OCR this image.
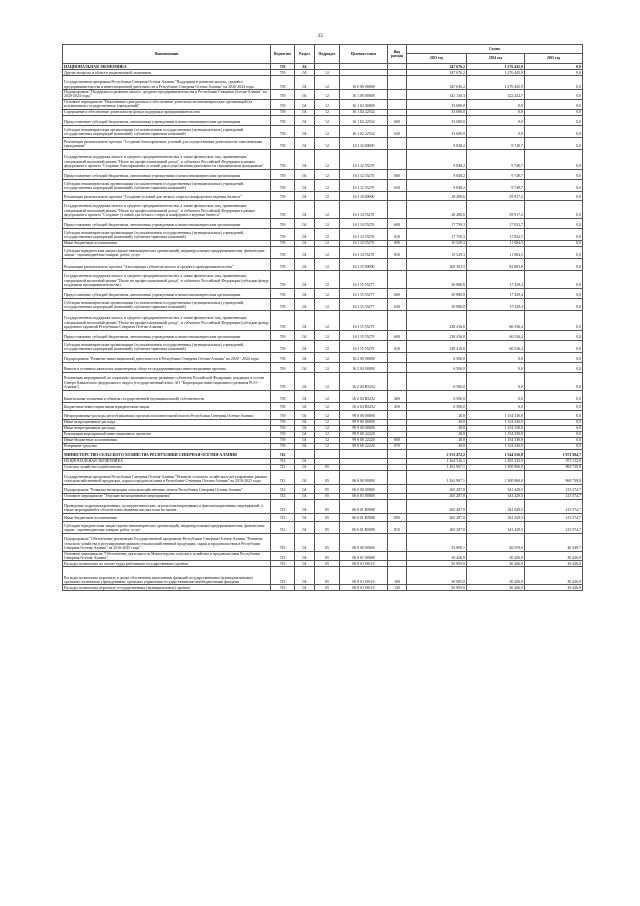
33
Наименование	Ведомство	Раздел	Подраздел	Целевая статья	Вид расхода	Сумма		
						2023 год	2024 год	2025 год
НАЦИОНАЛЬНАЯ ЭКОНОМИКА	739	04				347 676,2	1 276 445,9	0,0
Другие вопросы в области национальной экономики	739	04	12			347 676,2	1 276 445,9	0,0
Государственная программа Республики Северная Осетия-Алания "Поддержка и развитие малого, среднего предпринимательства и инвестиционной деятельности в Республике Северная Осетия-Алания" на 2020-2024 годы	739	04	12	16 0 00 00000		347 636,2	1 276 445,9	0,0
Подпрограмма "Поддержка и развитие малого, среднего предпринимательства в Республике Северная Осетия-Алания" на 2020-2024 годы"	739	04	12	16 1 00 00000		341 130,3	122 432,7	0,0
Основное мероприятие "Выполнение гражданских и обеспечение деятельности некоммерческих организаций (за исключением государственных учреждений)"	739	04	12	16 1 02 00000		33 690,0	0,0	0,0
Содержание и обеспечение деятельности фонда поддержки предпринимательства	739	04	12	16 1 02 22532		33 690,0	0,0	0,0
Предоставление субсидий бюджетным, автономным учреждениям и иным некоммерческим организациям	739	04	12	16 1 02 22532	600	33 690,0	0,0	0,0
Субсидии некоммерческим организациям (за исключением государственных (муниципальных) учреждений, государственных корпораций (компаний), публично-правовых компаний)	739	04	12	16 1 02 22532	630	33 690,0	0,0	0,0
Реализация регионального проекта "Создание благоприятных условий для осуществления деятельности самозанятыми гражданами"	739	04	12	16 1 I2 00000		9 848,2	9 749,7	0,0
Государственная поддержка малого и среднего предпринимательства, а также физических лиц, применяющих специальный налоговый режим "Налог на профессиональный доход", в субъектах Российской Федерации в рамках федерального проекта "Создание благоприятных условий для осуществления деятельности самозанятыми гражданами"	739	04	12	16 1 I2 55270		9 848,2	9 749,7	0,0
Предоставление субсидий бюджетным, автономным учреждениям и иным некоммерческим организациям	739	04	12	16 1 I2 55270	600	9 848,2	9 749,7	0,0
Субсидии некоммерческим организациям (за исключением государственных (муниципальных) учреждений, государственных корпораций (компаний), публично-правовых компаний)	739	04	12	16 1 I2 55270	630	9 848,2	9 749,7	0,0
Реализация регионального проекта "Создание условий для легкого старта и комфортного ведения бизнеса"	739	04	12	16 1 I4 00000		28 288,6	29 917,2	0,0
Государственная поддержка малого и среднего предпринимательства, а также физических лиц, применяющих специальный налоговый режим "Налог на профессиональный доход", в субъектах Российской Федерации в рамках федерального проекта "Создание условий для легкого старта и комфортного ведения бизнеса"	739	04	12	16 1 I4 55276		28 288,6	29 917,2	0,0
Предоставление субсидий бюджетным, автономным учреждениям и иным некоммерческим организациям	739	04	12	16 1 I4 55276	600	17 759,3	17 832,7	0,0
Субсидии некоммерческим организациям (за исключением государственных (муниципальных) учреждений, государственных корпораций (компаний), публично-правовых компаний)	739	04	12	16 1 I4 55276	630	17 759,3	17 832,7	0,0
Иные бюджетные ассигнования	739	04	12	16 1 I4 55276	800	10 529,3	11 084,5	0,0
Субсидии юридическим лицам (кроме некоммерческих организаций), индивидуальным предпринимателям, физическим лицам - производителям товаров, работ, услуг	739	04	12	16 1 I4 55276	810	10 529,3	11 084,5	0,0
Реализация регионального проекта "Акселерация субъектов малого и среднего предпринимательства"	739	04	12	16 1 I5 00000		269 303,5	82 865,8	0,0
Государственная поддержка малого и среднего предпринимательства, а также физических лиц, применяющих специальный налоговый режим "Налог на профессиональный доход", в субъектах Российской Федерации (субсидии фонду поддержки предпринимательства)	739	04	12	16 1 I5 55277		30 886,8	17 329,4	0,0
Предоставление субсидий бюджетным, автономным учреждениям и иным некоммерческим организациям	739	04	12	16 1 I5 55277	600	30 886,8	17 329,4	0,0
Субсидии некоммерческим организациям (за исключением государственных (муниципальных) учреждений, государственных корпораций (компаний), публично-правовых компаний)	739	04	12	16 1 I5 55277	630	30 886,8	17 329,4	0,0
Государственная поддержка малого и среднего предпринимательства, а также физических лиц, применяющих специальный налоговый режим "Налог на профессиональный доход", в субъектах Российской Федерации (субсидии фонду кредитных гарантий Республики Северная Осетия-Алания)	739	04	12	16 1 I5 55279		238 416,8	66 536,4	0,0
Предоставление субсидий бюджетным, автономным учреждениям и иным некоммерческим организациям	739	04	12	16 1 I5 55279	600	238 416,8	66 536,4	0,0
Субсидии некоммерческим организациям (за исключением государственных (муниципальных) учреждений, государственных корпораций (компаний), публично-правовых компаний)	739	04	12	16 1 I5 55279	630	238 416,8	66 536,4	0,0
Подпрограмма "Развитие инвестиционной деятельности в Республике Северная Осетия-Алания" на 2020 - 2024 годы	739	04	12	16 2 00 00000		6 506,0	0,0	0,0
Вывоза в уставных капиталах акционерных обществ поддерживающих инвестиционные проекты	739	04	12	16 2 04 00000		6 506,0	0,0	0,0
Реализация мероприятий по социально-экономическому развитию субъектов Российской Федерации, входящих в состав Северо-Кавказского федерального округа (государственный взнос АО "Корпорация инвестиционного развития РСО - Алания")	739	04	12	16 2 04 R5252		6 506,0	0,0	0,0
Капитальные вложения в объекты государственной (муниципальной) собственности	739	04	12	16 2 04 R5252	400	6 506,0	0,0	0,0
Бюджетные инвестиции иным юридическим лицам	739	04	12	16 2 04 R5252	450	6 506,0	0,0	0,0
Непрограммные расходы республиканских органов исполнительной власти Республики Северная Осетия-Алания	739	04	12	99 0 00 00000		28,8	1 154 330,0	0,0
Иные непрограммные расходы	739	04	12	99 9 00 00000		28,8	1 154 330,0	0,0
Иные непрограммные расходы	739	04	12	99 9 00 00000		28,8	1 154 330,0	0,0
Реализация мероприятий инвестиционных проектов	739	04	12	99 9 00 22220		28,8	1 154 330,0	0,0
Иные бюджетные ассигнования	739	04	12	99 9 00 22220	800	28,8	1 154 330,0	0,0
Резервные средства	739	04	12	99 9 00 22220	870	28,8	1 154 330,0	0,0
МИНИСТЕРСТВО СЕЛЬСКОГО ХОЗЯЙСТВА РЕСПУБЛИКИ СЕВЕРНАЯ ОСЕТИЯ-АЛАНИЯ	743					2 553 472,2	1 544 556,8	1 072 504,7
НАЦИОНАЛЬНАЯ ЭКОНОМИКА	743	04				1 264 316,1	1 305 335,9	973 112,0
Сельское хозяйство и рыболовство	743	04	05			1 261 967,1	1 300 960,0	969 739,8
Государственная программа Республики Северная Осетия-Алания "Развитие сельского хозяйства и регулирование рынков сельскохозяйственной продукции, сырья и продовольствия в Республике Северная Осетия-Алания" на 2016-2025 годы	743	04	05	06 0 00 00000		1 261 967,1	1 300 960,0	969 739,8
Подпрограмма "Развитие мелиорации сельскохозяйственных земель Республики Северная Осетия-Алания"	743	04	05	06 6 00 00000		265 287,8	341 429,5	215 574,7
Основное мероприятие "Текущие мелиоративные мероприятия"	743	04	05	06 6 01 00000		265 287,8	341 429,5	215 574,7
Проведение гидромелиоративных, культуртехнических, агролесомелиоративных и фитомелиоративных мероприятий, а также мероприятий в области известкования кислых почв на пашне	743	04	05	06 6 01 R5980		265 287,8	341 429,5	215 574,7
Иные бюджетные ассигнования	743	04	05	06 6 01 R5980	800	265 287,8	341 429,5	215 574,7
Субсидии юридическим лицам (кроме некоммерческих организаций), индивидуальным предпринимателям, физическим лицам - производителям товаров, работ, услуг	743	04	05	06 6 01 R5980	810	265 287,8	341 429,5	215 574,7
Подпрограмма "Обеспечение реализации Государственной программы Республики Северная Осетия-Алания "Развитие сельского хозяйства и регулирование рынков сельскохозяйственной продукции, сырья и продовольствия в Республике Северная Осетия-Алания" на 2016-2025 годы"	743	04	05	06 8 00 00000		53 800,1	46 559,0	46 549,7
Основное мероприятие "Обеспечение деятельности Министерства сельского хозяйства и продовольствия Республики Северная Осетия-Алания"	743	04	05	06 8 01 00000		36 426,9	30 426,9	30 426,9
Расходы на выплаты по оплате труда работников государственных органов	743	04	05	06 8 01 00110		30 095,0	30 426,9	30 426,9
Расходы на выплаты персоналу в целях обеспечения выполнения функций государственными (муниципальными) органами, казенными учреждениями, органами управления государственными внебюджетными фондами	743	04	05	06 8 01 00110	100	30 095,0	30 426,9	30 426,9
Расходы на выплаты персоналу государственных (муниципальных) органов	743	04	05	06 8 01 00110	120	30 095,0	30 426,9	30 426,9
